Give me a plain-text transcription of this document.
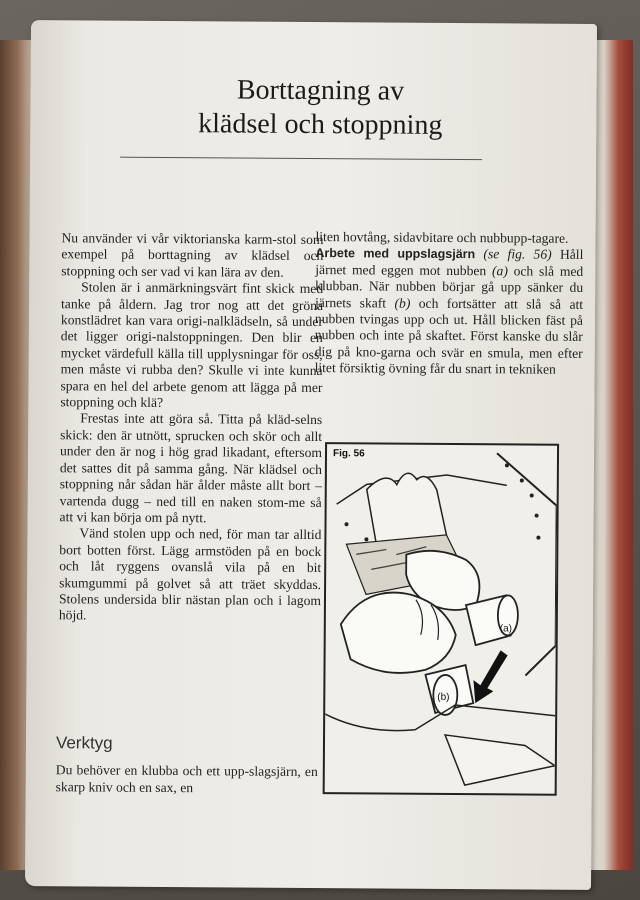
Borttagning av
klädsel och stoppning

Nu använder vi vår viktorianska karm-stol som exempel på borttagning av klädsel och stoppning och ser vad vi kan lära av den.

Stolen är i anmärkningsvärt fint skick med tanke på åldern. Jag tror nog att det gröna konstlädret kan vara origi-nalklädseln, så under det ligger origi-nalstoppningen. Den blir en mycket värdefull källa till upplysningar för oss, men måste vi rubba den? Skulle vi inte kunna spara en hel del arbete genom att lägga på mer stoppning och klä?

Frestas inte att göra så. Titta på kläd-selns skick: den är utnött, sprucken och skör och allt under den är nog i hög grad likadant, eftersom det sattes dit på samma gång. När klädsel och stoppning når sådan här ålder måste allt bort – vartenda dugg – ned till en naken stom-me så att vi kan börja om på nytt.

Vänd stolen upp och ned, för man tar alltid bort botten först. Lägg armstöden på en bock och låt ryggens ovanslå vila på en bit skumgummi på golvet så att träet skyddas. Stolens undersida blir nästan plan och i lagom höjd.

liten hovtång, sidavbitare och nubbupp-tagare.

Arbete med uppslagsjärn (se fig. 56) Håll järnet med eggen mot nubben (a) och slå med klubban. När nubben börjar gå upp sänker du järnets skaft (b) och fortsätter att slå så att nubben tvingas upp och ut. Håll blicken fäst på nubben och inte på skaftet. Först kanske du slår dig på kno-garna och svär en smula, men efter litet försiktig övning får du snart in tekniken

Fig. 56
(a)
(b)
Verktyg
Du behöver en klubba och ett upp-slagsjärn, en skarp kniv och en sax, en
